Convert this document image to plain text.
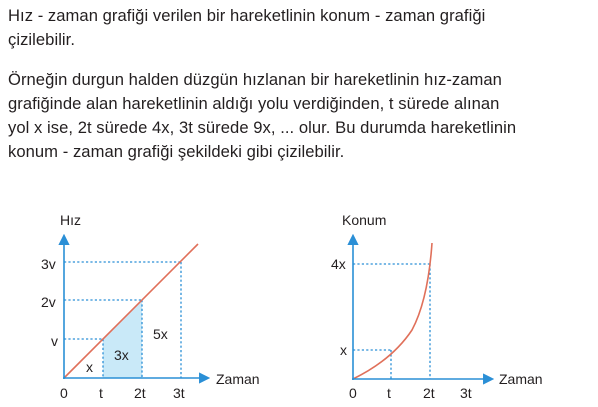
Hız - zaman grafiği verilen bir hareketlinin konum - zaman grafiği
çizilebilir.
Örneğin durgun halden düzgün hızlanan bir hareketlinin hız-zaman
grafiğinde alan hareketlinin aldığı yolu verdiğinden, t sürede alınan
yol x ise, 2t sürede 4x, 3t sürede 9x, ... olur. Bu durumda hareketlinin
konum - zaman grafiği şekildeki gibi çizilebilir.
Hız
Zaman
0 t 2t 3t
v
2v
3v
x
3x
5x
Konum
Zaman
0 t 2t 3t
x
4x
